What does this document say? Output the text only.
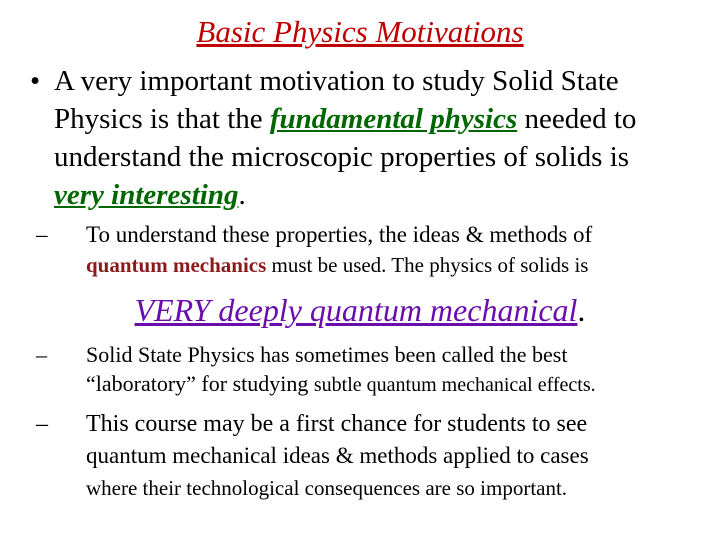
Basic Physics Motivations
• A very important motivation to study Solid State
Physics is that the fundamental physics needed to
understand the microscopic properties of solids is
very interesting.
– To understand these properties, the ideas & methods of
quantum mechanics must be used. The physics of solids is
VERY deeply quantum mechanical.
– Solid State Physics has sometimes been called the best
“laboratory” for studying subtle quantum mechanical effects.
– This course may be a first chance for students to see
quantum mechanical ideas & methods applied to cases
where their technological consequences are so important.
